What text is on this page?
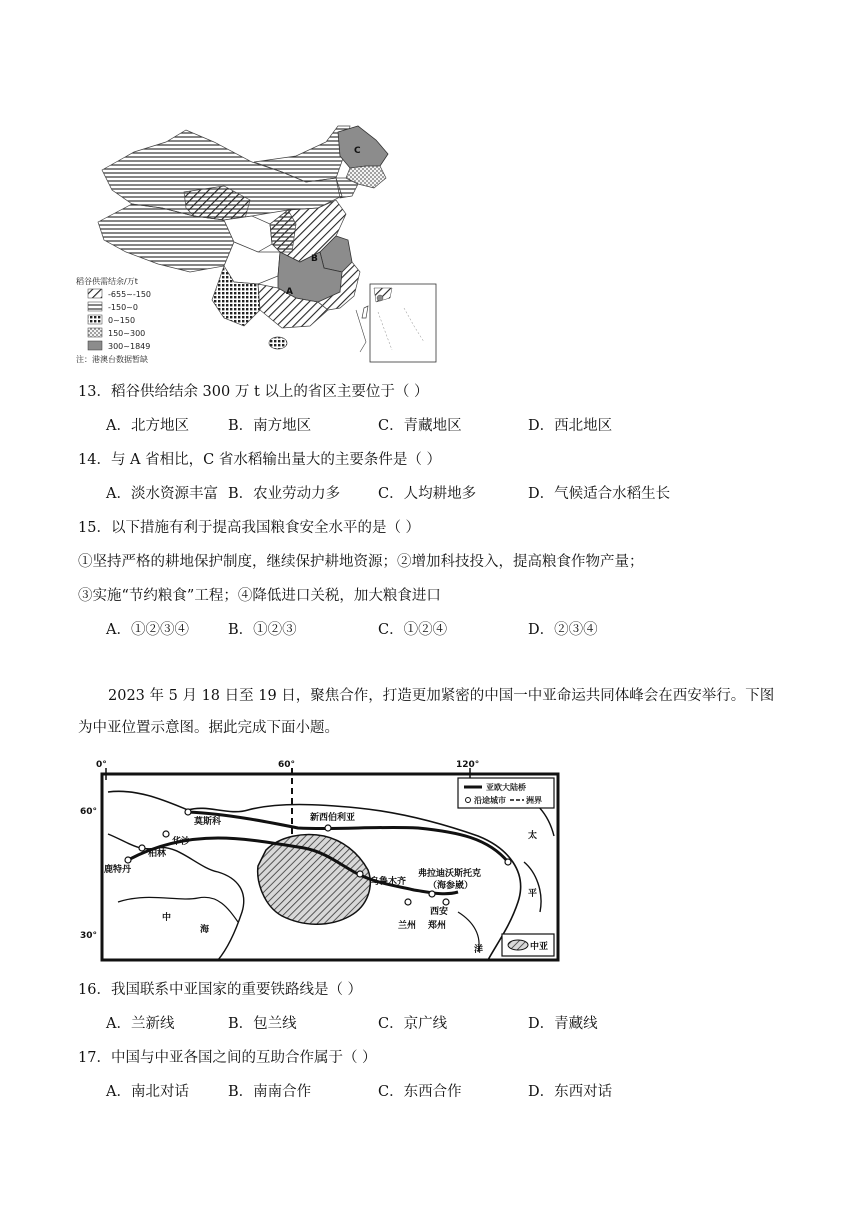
C
B
A
稻谷供需结余/万t
-655~-150
-150~0
0~150
150~300
300~1849
注：港澳台数据暂缺
13．稻谷供给结余 300 万 t 以上的省区主要位于（ ）
A．北方地区	B．南方地区	C．青藏地区	D．西北地区
14．与 A 省相比，C 省水稻输出量大的主要条件是（ ）
A．淡水资源丰富 B．农业劳动力多	C．人均耕地多	D．气候适合水稻生长
15．以下措施有利于提高我国粮食安全水平的是（ ）
①坚持严格的耕地保护制度，继续保护耕地资源；②增加科技投入，提高粮食作物产量；
③实施“节约粮食”工程；④降低进口关税，加大粮食进口
A．①②③④	B．①②③	C．①②④	D．②③④
2023 年 5 月 18 日至 19 日，聚焦合作，打造更加紧密的中国一中亚命运共同体峰会在西安举行。下图为中亚位置示意图。据此完成下面小题。
0°	60°	120°
60°
30°
新西伯利亚
莫斯科
华沙
柏林
鹿特丹
乌鲁木齐
弗拉迪沃斯托克
（海参崴）
西安
兰州 郑州
中
海
太
平
洋
亚欧大陆桥
沿途城市	洲界
中亚
16．我国联系中亚国家的重要铁路线是（ ）
A．兰新线	B．包兰线	C．京广线	D．青藏线
17．中国与中亚各国之间的互助合作属于（ ）
A．南北对话	B．南南合作	C．东西合作	D．东西对话
